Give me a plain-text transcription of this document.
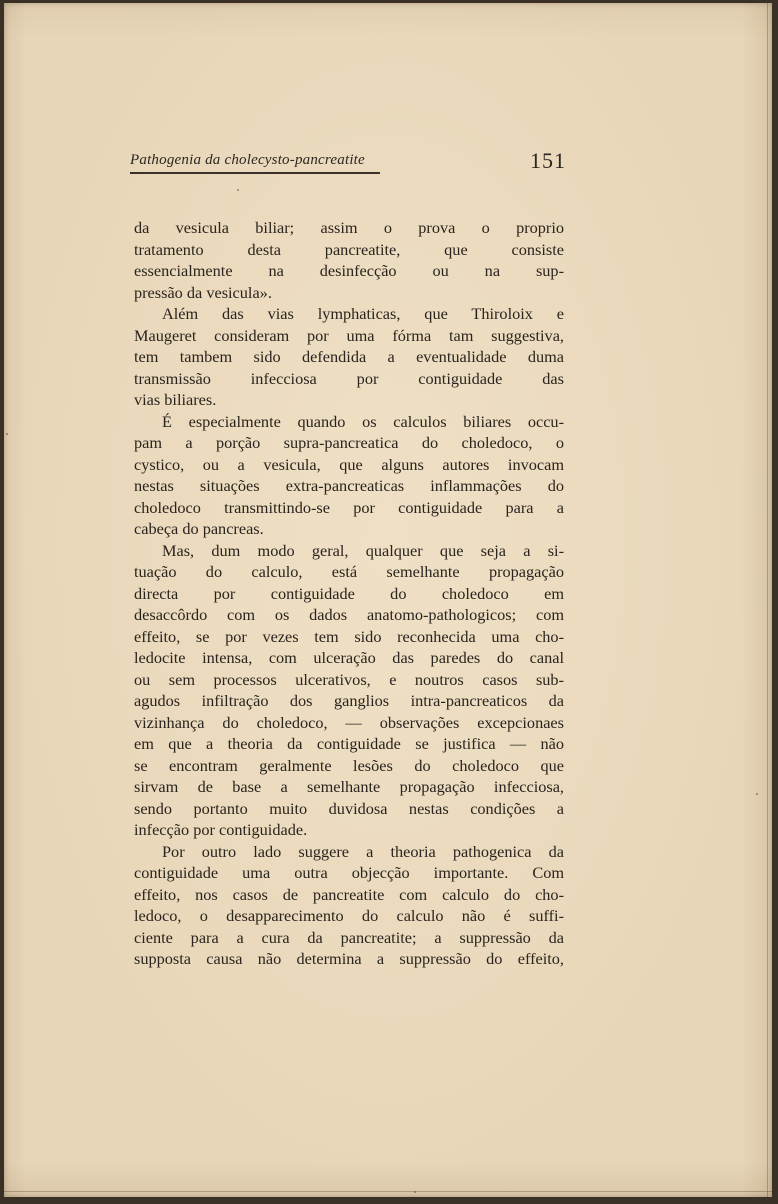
Pathogenia da cholecysto-pancreatite	151
da vesicula biliar; assim o prova o proprio
tratamento desta pancreatite, que consiste
essencialmente na desinfecção ou na sup-
pressão da vesicula».
Além das vias lymphaticas, que Thiroloix e
Maugeret consideram por uma fórma tam suggestiva,
tem tambem sido defendida a eventualidade duma
transmissão infecciosa por contiguidade das
vias biliares.
É especialmente quando os calculos biliares occu-
pam a porção supra-pancreatica do choledoco, o
cystico, ou a vesicula, que alguns autores invocam
nestas situações extra-pancreaticas inflammações do
choledoco transmittindo-se por contiguidade para a
cabeça do pancreas.
Mas, dum modo geral, qualquer que seja a si-
tuação do calculo, está semelhante propagação
directa por contiguidade do choledoco em
desaccôrdo com os dados anatomo-pathologicos; com
effeito, se por vezes tem sido reconhecida uma cho-
ledocite intensa, com ulceração das paredes do canal
ou sem processos ulcerativos, e noutros casos sub-
agudos infiltração dos ganglios intra-pancreaticos da
vizinhança do choledoco, — observações excepcionaes
em que a theoria da contiguidade se justifica — não
se encontram geralmente lesões do choledoco que
sirvam de base a semelhante propagação infecciosa,
sendo portanto muito duvidosa nestas condições a
infecção por contiguidade.
Por outro lado suggere a theoria pathogenica da
contiguidade uma outra objecção importante. Com
effeito, nos casos de pancreatite com calculo do cho-
ledoco, o desapparecimento do calculo não é suffi-
ciente para a cura da pancreatite; a suppressão da
supposta causa não determina a suppressão do effeito,
